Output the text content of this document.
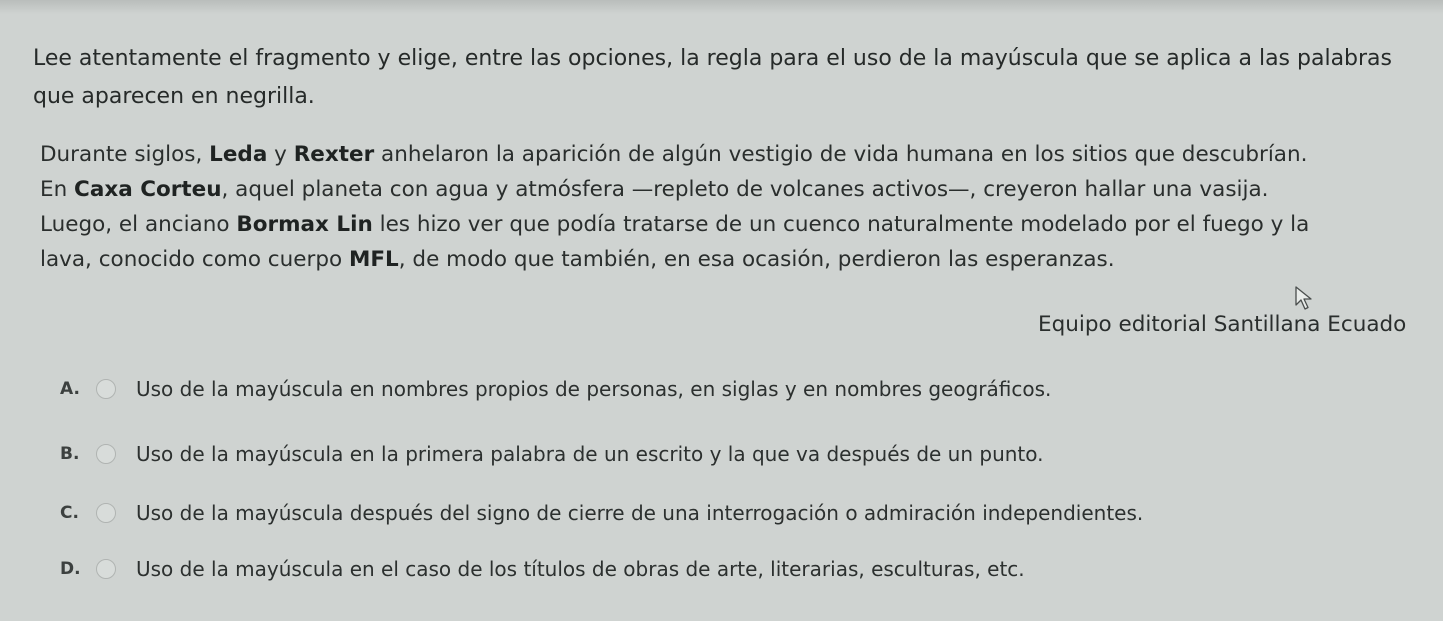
Lee atentamente el fragmento y elige, entre las opciones, la regla para el uso de la mayúscula que se aplica a las palabras que aparecen en negrilla.
Durante siglos, Leda y Rexter anhelaron la aparición de algún vestigio de vida humana en los sitios que descubrían.
En Caxa Corteu, aquel planeta con agua y atmósfera —repleto de volcanes activos—, creyeron hallar una vasija.
Luego, el anciano Bormax Lin les hizo ver que podía tratarse de un cuenco naturalmente modelado por el fuego y la
lava, conocido como cuerpo MFL, de modo que también, en esa ocasión, perdieron las esperanzas.
Equipo editorial Santillana Ecuado
A.	Uso de la mayúscula en nombres propios de personas, en siglas y en nombres geográficos.
B.	Uso de la mayúscula en la primera palabra de un escrito y la que va después de un punto.
C.	Uso de la mayúscula después del signo de cierre de una interrogación o admiración independientes.
D.	Uso de la mayúscula en el caso de los títulos de obras de arte, literarias, esculturas, etc.
